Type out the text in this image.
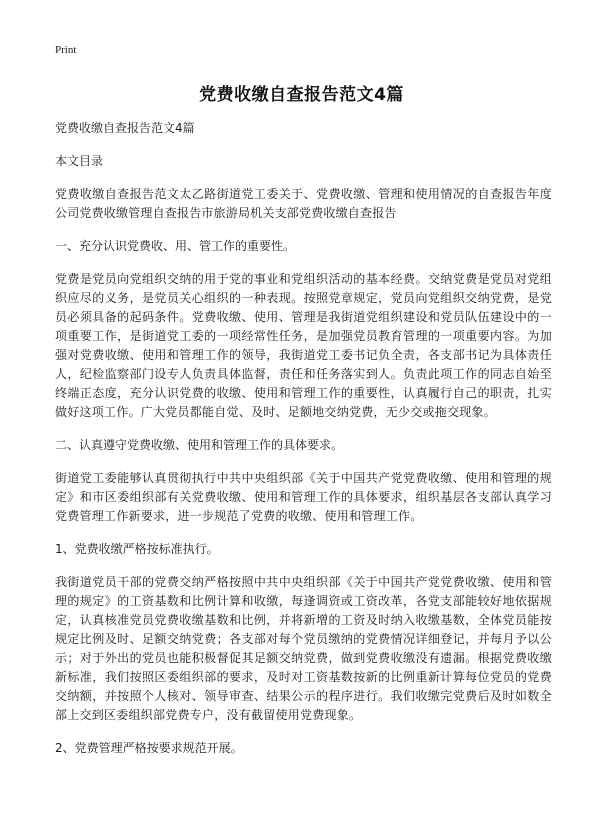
Print
党费收缴自查报告范文4篇
党费收缴自查报告范文4篇
本文目录
党费收缴自查报告范文太乙路街道党工委关于、党费收缴、管理和使用情况的自查报告年度公司党费收缴管理自查报告市旅游局机关支部党费收缴自查报告
一、充分认识党费收、用、管工作的重要性。
党费是党员向党组织交纳的用于党的事业和党组织活动的基本经费。交纳党费是党员对党组织应尽的义务，是党员关心组织的一种表现。按照党章规定，党员向党组织交纳党费，是党员必须具备的起码条件。党费收缴、使用、管理是我街道党组织建设和党员队伍建设中的一项重要工作，是街道党工委的一项经常性任务，是加强党员教育管理的一项重要内容。为加强对党费收缴、使用和管理工作的领导，我街道党工委书记负全责，各支部书记为具体责任人，纪检监察部门设专人负责具体监督，责任和任务落实到人。负责此项工作的同志自始至终端正态度，充分认识党费的收缴、使用和管理工作的重要性，认真履行自己的职责，扎实做好这项工作。广大党员都能自觉、及时、足额地交纳党费，无少交或拖交现象。
二、认真遵守党费收缴、使用和管理工作的具体要求。
街道党工委能够认真贯彻执行中共中央组织部《关于中国共产党党费收缴、使用和管理的规定》和市区委组织部有关党费收缴、使用和管理工作的具体要求，组织基层各支部认真学习党费管理工作新要求，进一步规范了党费的收缴、使用和管理工作。
1、党费收缴严格按标准执行。
我街道党员干部的党费交纳严格按照中共中央组织部《关于中国共产党党费收缴、使用和管理的规定》的工资基数和比例计算和收缴，每逢调资或工资改革，各党支部能较好地依据规定，认真核准党员党费收缴基数和比例，并将新增的工资及时纳入收缴基数，全体党员能按规定比例及时、足额交纳党费；各支部对每个党员缴纳的党费情况详细登记，并每月予以公示；对于外出的党员也能积极督促其足额交纳党费，做到党费收缴没有遗漏。根据党费收缴新标准，我们按照区委组织部的要求，及时对工资基数按新的比例重新计算每位党员的党费交纳额，并按照个人核对、领导审查、结果公示的程序进行。我们收缴完党费后及时如数全部上交到区委组织部党费专户，没有截留使用党费现象。
2、党费管理严格按要求规范开展。
